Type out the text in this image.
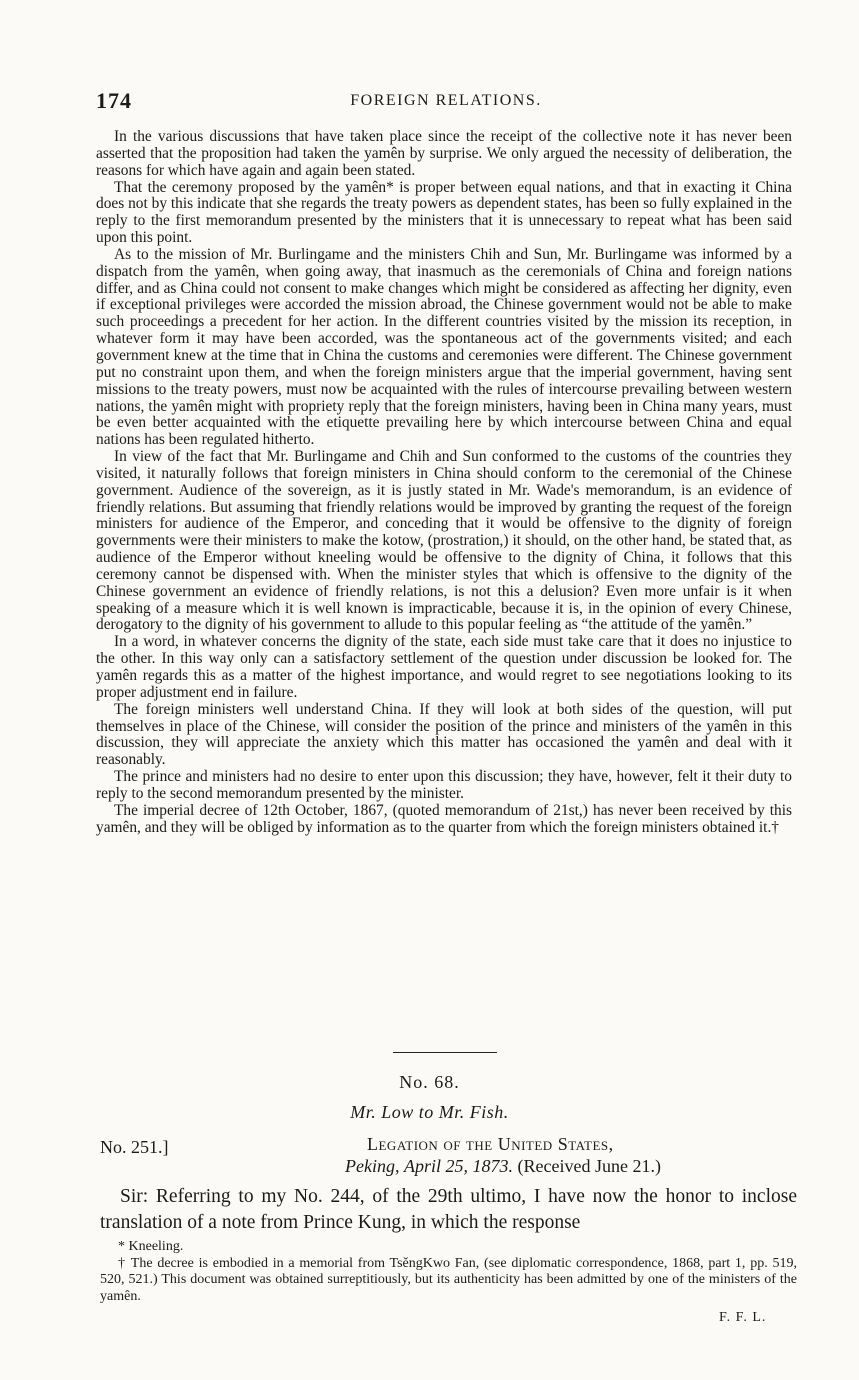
174	FOREIGN RELATIONS.

In the various discussions that have taken place since the receipt of the collective note it has never been asserted that the proposition had taken the yamên by surprise. We only argued the necessity of deliberation, the reasons for which have again and again been stated.

That the ceremony proposed by the yamên* is proper between equal nations, and that in exacting it China does not by this indicate that she regards the treaty powers as dependent states, has been so fully explained in the reply to the first memorandum presented by the ministers that it is unnecessary to repeat what has been said upon this point.

As to the mission of Mr. Burlingame and the ministers Chih and Sun, Mr. Burlingame was informed by a dispatch from the yamên, when going away, that inasmuch as the ceremonials of China and foreign nations differ, and as China could not consent to make changes which might be considered as affecting her dignity, even if exceptional privileges were accorded the mission abroad, the Chinese government would not be able to make such proceedings a precedent for her action. In the different countries visited by the mission its reception, in whatever form it may have been accorded, was the spontaneous act of the governments visited; and each government knew at the time that in China the customs and ceremonies were different. The Chinese government put no constraint upon them, and when the foreign ministers argue that the imperial government, having sent missions to the treaty powers, must now be acquainted with the rules of intercourse prevailing between western nations, the yamên might with propriety reply that the foreign ministers, having been in China many years, must be even better acquainted with the etiquette prevailing here by which intercourse between China and equal nations has been regulated hitherto.

In view of the fact that Mr. Burlingame and Chih and Sun conformed to the customs of the countries they visited, it naturally follows that foreign ministers in China should conform to the ceremonial of the Chinese government. Audience of the sovereign, as it is justly stated in Mr. Wade's memorandum, is an evidence of friendly relations. But assuming that friendly relations would be improved by granting the request of the foreign ministers for audience of the Emperor, and conceding that it would be offensive to the dignity of foreign governments were their ministers to make the kotow, (prostration,) it should, on the other hand, be stated that, as audience of the Emperor without kneeling would be offensive to the dignity of China, it follows that this ceremony cannot be dispensed with. When the minister styles that which is offensive to the dignity of the Chinese government an evidence of friendly relations, is not this a delusion? Even more unfair is it when speaking of a measure which it is well known is impracticable, because it is, in the opinion of every Chinese, derogatory to the dignity of his government to allude to this popular feeling as “the attitude of the yamên.”

In a word, in whatever concerns the dignity of the state, each side must take care that it does no injustice to the other. In this way only can a satisfactory settlement of the question under discussion be looked for. The yamên regards this as a matter of the highest importance, and would regret to see negotiations looking to its proper adjustment end in failure.

The foreign ministers well understand China. If they will look at both sides of the question, will put themselves in place of the Chinese, will consider the position of the prince and ministers of the yamên in this discussion, they will appreciate the anxiety which this matter has occasioned the yamên and deal with it reasonably.

The prince and ministers had no desire to enter upon this discussion; they have, however, felt it their duty to reply to the second memorandum presented by the minister.

The imperial decree of 12th October, 1867, (quoted memorandum of 21st,) has never been received by this yamên, and they will be obliged by information as to the quarter from which the foreign ministers obtained it.†

No. 68.
Mr. Low to Mr. Fish.
No. 251.]	Legation of the United States,
Peking, April 25, 1873. (Received June 21.)

Sir: Referring to my No. 244, of the 29th ultimo, I have now the honor to inclose translation of a note from Prince Kung, in which the response

* Kneeling.

† The decree is embodied in a memorial from TsěngKwo Fan, (see diplomatic correspondence, 1868, part 1, pp. 519, 520, 521.) This document was obtained surreptitiously, but its authenticity has been admitted by one of the ministers of the yamên.

F. F. L.
